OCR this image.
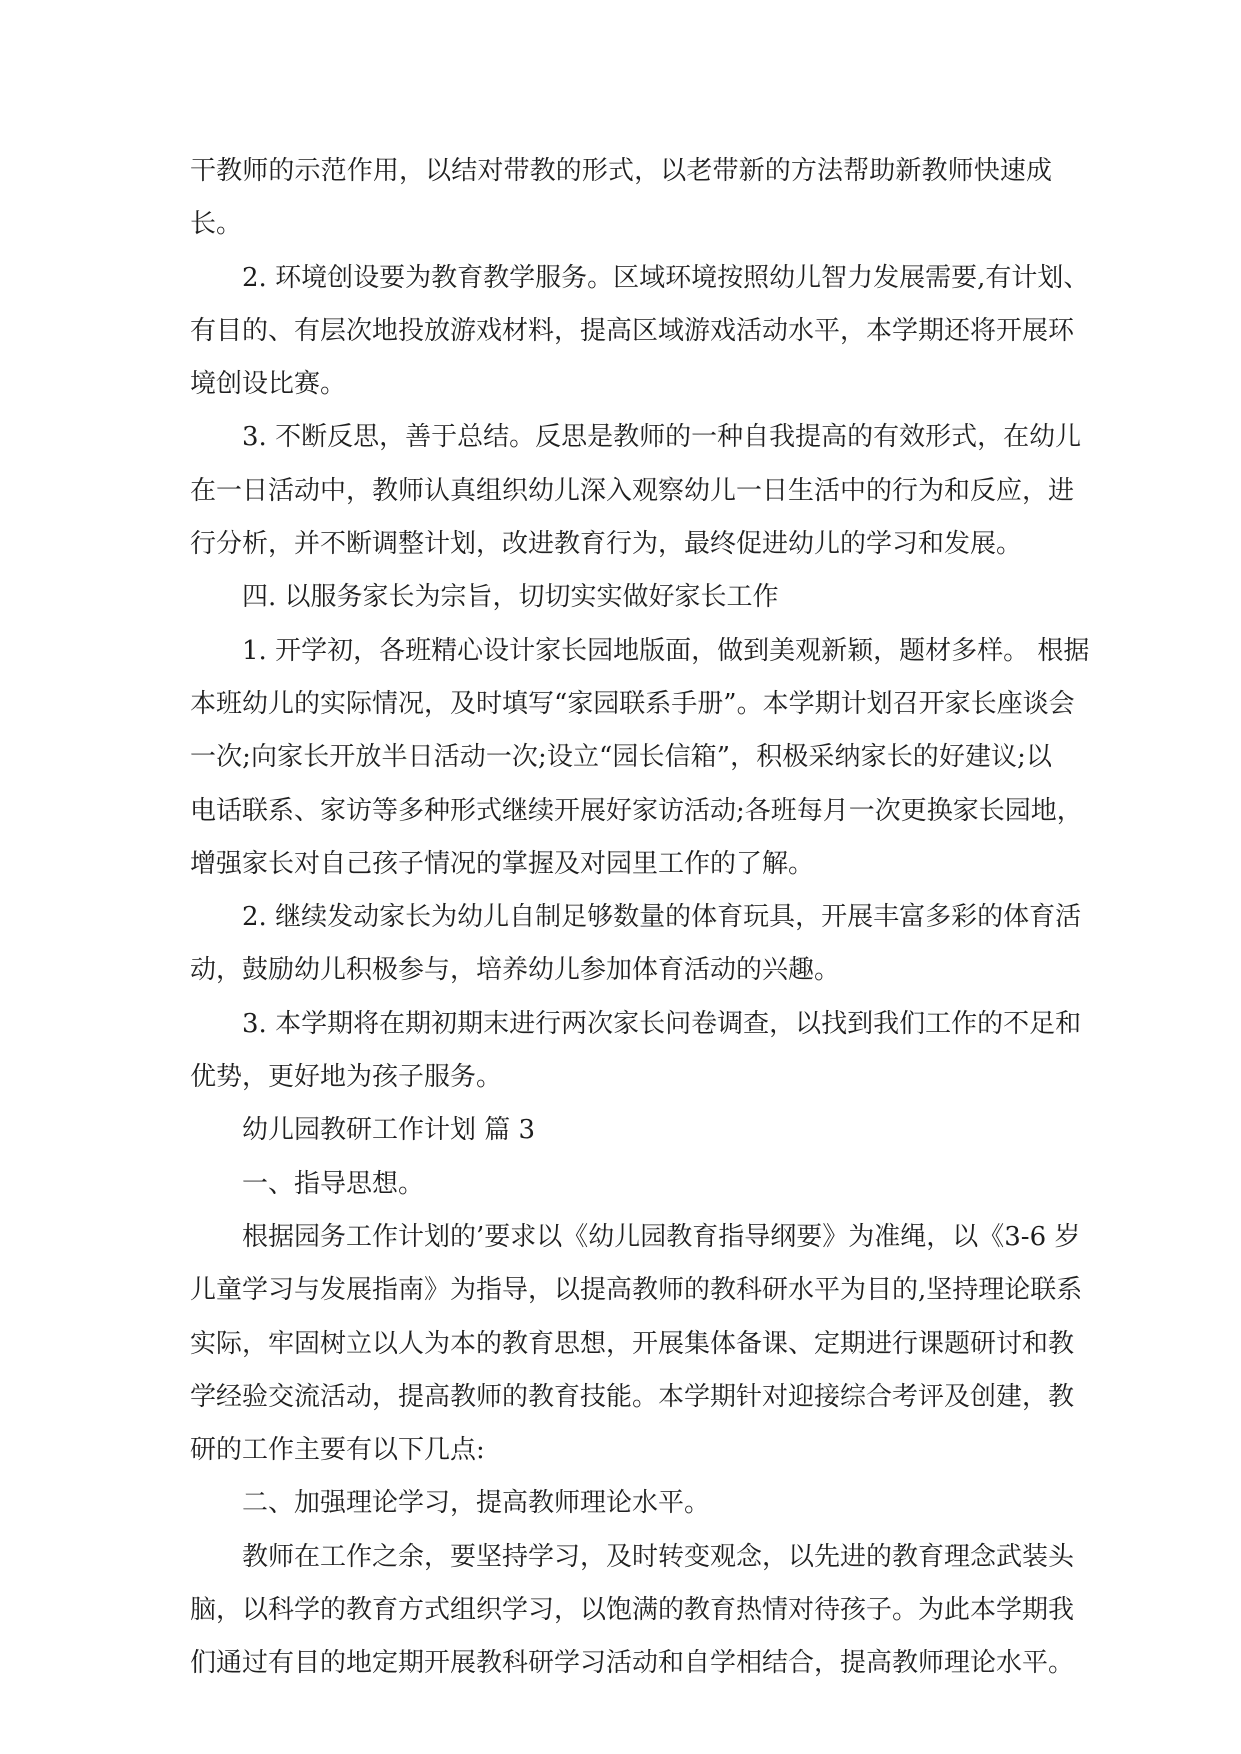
干教师的示范作用，以结对带教的形式，以老带新的方法帮助新教师快速成
长。
2. 环境创设要为教育教学服务。区域环境按照幼儿智力发展需要,有计划、
有目的、有层次地投放游戏材料，提高区域游戏活动水平，本学期还将开展环
境创设比赛。
3. 不断反思，善于总结。反思是教师的一种自我提高的有效形式，在幼儿
在一日活动中，教师认真组织幼儿深入观察幼儿一日生活中的行为和反应，进
行分析，并不断调整计划，改进教育行为，最终促进幼儿的学习和发展。
四. 以服务家长为宗旨，切切实实做好家长工作
1. 开学初，各班精心设计家长园地版面，做到美观新颖，题材多样。 根据
本班幼儿的实际情况，及时填写“家园联系手册”。本学期计划召开家长座谈会
一次;向家长开放半日活动一次;设立“园长信箱”，积极采纳家长的好建议;以
电话联系、家访等多种形式继续开展好家访活动;各班每月一次更换家长园地，
增强家长对自己孩子情况的掌握及对园里工作的了解。
2. 继续发动家长为幼儿自制足够数量的体育玩具，开展丰富多彩的体育活
动，鼓励幼儿积极参与，培养幼儿参加体育活动的兴趣。
3. 本学期将在期初期末进行两次家长问卷调查，以找到我们工作的不足和
优势，更好地为孩子服务。
幼儿园教研工作计划 篇 3
一、指导思想。
根据园务工作计划的’要求以《幼儿园教育指导纲要》为准绳，以《3-6 岁
儿童学习与发展指南》为指导，以提高教师的教科研水平为目的,坚持理论联系
实际，牢固树立以人为本的教育思想，开展集体备课、定期进行课题研讨和教
学经验交流活动，提高教师的教育技能。本学期针对迎接综合考评及创建，教
研的工作主要有以下几点:
二、加强理论学习，提高教师理论水平。
教师在工作之余，要坚持学习，及时转变观念，以先进的教育理念武装头
脑，以科学的教育方式组织学习，以饱满的教育热情对待孩子。为此本学期我
们通过有目的地定期开展教科研学习活动和自学相结合，提高教师理论水平。
